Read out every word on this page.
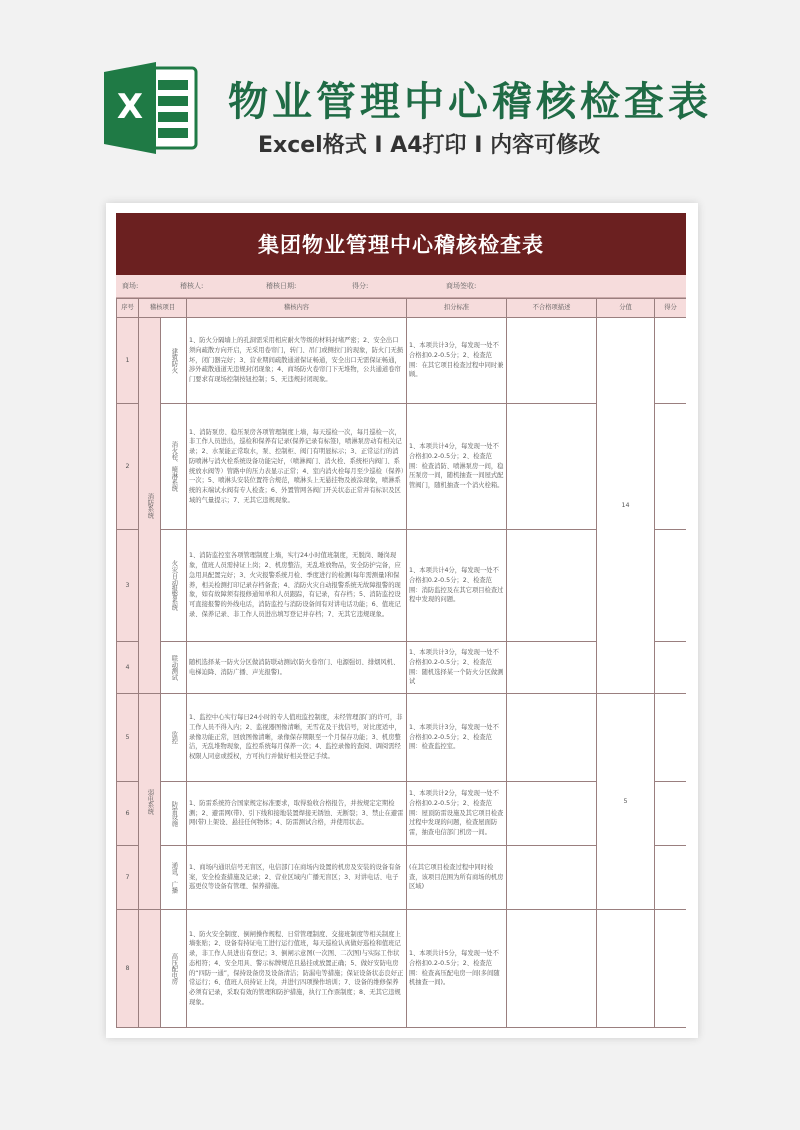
X 物业管理中心稽核检查表
Excel格式 I A4打印 I 内容可修改
集团物业管理中心稽核检查表
商场:	稽核人:	稽核日期:	得分:	商场签收:
序号	稽核项目		稽核内容	扣分标准	不合格项描述	分值	得分
1	消防系统	建筑防火	1、防火分隔墙上的孔洞需采用相应耐火等级的材料封堵严密；2、安全出口须向疏散方向开启，无采用卷帘门，转门、吊门或侧拉门的现象，防火门无损坏，闭门器完好；3、营业期间疏散通道保证畅通，安全出口无需保证畅通，涉外疏散通道无违规封闭现象；4、商场防火卷帘门下无堆物，公共通道卷帘门要求有现场控制按钮控制；5、无违规封闭现象。	1、本项共计3分，每发现一处不合格扣0.2-0.5分；2、检查范围：在其它项目检查过程中同时兼顾。		14	
2		消火栓、喷淋系统	1、消防泵房、稳压泵房各项管理制度上墙，每天巡检一次，每月巡检一次，非工作人员进出，巡检和保养有记录(保养记录有标签)，喷淋泵房动有相关记录；2、水泵能正常取水，泵、控制柜、阀门有明显标示；3、正常运行的消防喷淋与消火栓系统设备功能完好，（喷淋阀门、消火栓、系统柜内阀门、系统放水阀等）管路中的压力表显示正常；4、室内消火栓每月至少巡检（保养）一次；5、喷淋头安装位置符合规范，喷淋头上无悬挂物及被涂现象，喷淋系统的末端试水阀有专人检查；6、外置管网各阀门开关状态正常并有标识及区域的气量提示；7、无其它违规现象。	1、本项共计4分，每发现一处不合格扣0.2-0.5分；2、检查范围：检查消防、喷淋泵房一间，稳压泵房一间，随机抽查一间屋式配管阀门，随机抽查一个消火栓箱。			
3		火灾自动报警系统	1、消防监控室各项管理制度上墙，实行24小时值班制度，无脱岗、睡岗现象，值班人员需持证上岗；2、机房整洁，无乱堆放物品，安全防护完备，应急用具配置完好；3、火灾报警系统月检、季度进行的检测(每年需测量)和保养，相关检测打印记录存档备查；4、消防火灾自动报警系统无故障报警的现象，如有故障须有报修通知单和人员跟踪，有记录，有存档；5、消防监控设可直接报警的外线电话，消防监控与消防设备间有对讲电话功能；6、值班记录、保养记录、非工作人员进出填写登记并存档；7、无其它违规现象。	1、本项共计4分，每发现一处不合格扣0.2-0.5分；2、检查范围：消防监控及在其它项目检查过程中发现的问题。			
4		联动测试	随机选择某一防火分区做消防联动测试(防火卷帘门、电源强切、排烟风机、电梯迫降、消防广播、声光报警)。	1、本项共计3分，每发现一处不合格扣0.2-0.5分；2、检查范围：随机选择某一个防火分区做测试			
5	弱电系统	监控	1、监控中心实行每日24小时的专人值班监控制度，未经管理部门的许可，非工作人员不得入内；2、监视器图像清晰，无雪花及干扰信号，对比度适中，录像功能正常，回放图像清晰，录像保存期限至一个月保存功能；3、机房整洁，无乱堆物现象，监控系统每月保养一次；4、监控录像的查阅、调阅需经权限人同意或授权，方可执行并做好相关登记手续。	1、本项共计3分，每发现一处不合格扣0.2-0.5分；2、检查范围：检查监控室。		5	
6		防雷设施	1、防雷系统符合国家规定标准要求，取得验收合格报告，并按规定定期检测；2、避雷网(带)、引下线和接地装置焊接无锈蚀、无断裂；3、禁止在避雷网(带)上架设、悬挂任何物体；4、防雷测试合格，并使用状态。	1、本项共计2分，每发现一处不合格扣0.2-0.5分；2、检查范围：屋顶防雷设施及其它项目检查过程中发现的问题，检查屋面防雷，抽查电信部门机房一间。			
7		通讯、广播	1、商场内通讯信号无盲区，电信部门在商场内设置的机房及安装的设备有备案，安全检查措施及记录；2、营业区域内广播无盲区；3、对讲电话、电子巡更仪等设备有管理、保养措施。	(在其它项目检查过程中同时检查，该项目范围为所有商场的机房区域)			
8		高压配电房	1、防火安全制度、倒闸操作规程、日常管理制度、交接班制度等相关制度上墙张贴；2、设备有持证电工进行运行值班，每天巡检认真做好巡检和值班记录，非工作人员进出有登记；3、倒闸示意图(一次图、二次图)与实际工作状态相符；4、安全用具、警示标牌规范且悬挂或放置正确；5、做好安防电房的“四防一通”，保持设备房及设备清洁；防漏电等措施；保证设备状态良好正常运行；6、值班人员持证上岗，并进行四项操作培训；7、设备的维修保养必须有记录，采取有效的管理和防护措施，执行工作票制度；8、无其它违规现象。	1、本项共计5分，每发现一处不合格扣0.2-0.5分；2、检查范围：检查高压配电房一间(多间随机抽查一间)。			
